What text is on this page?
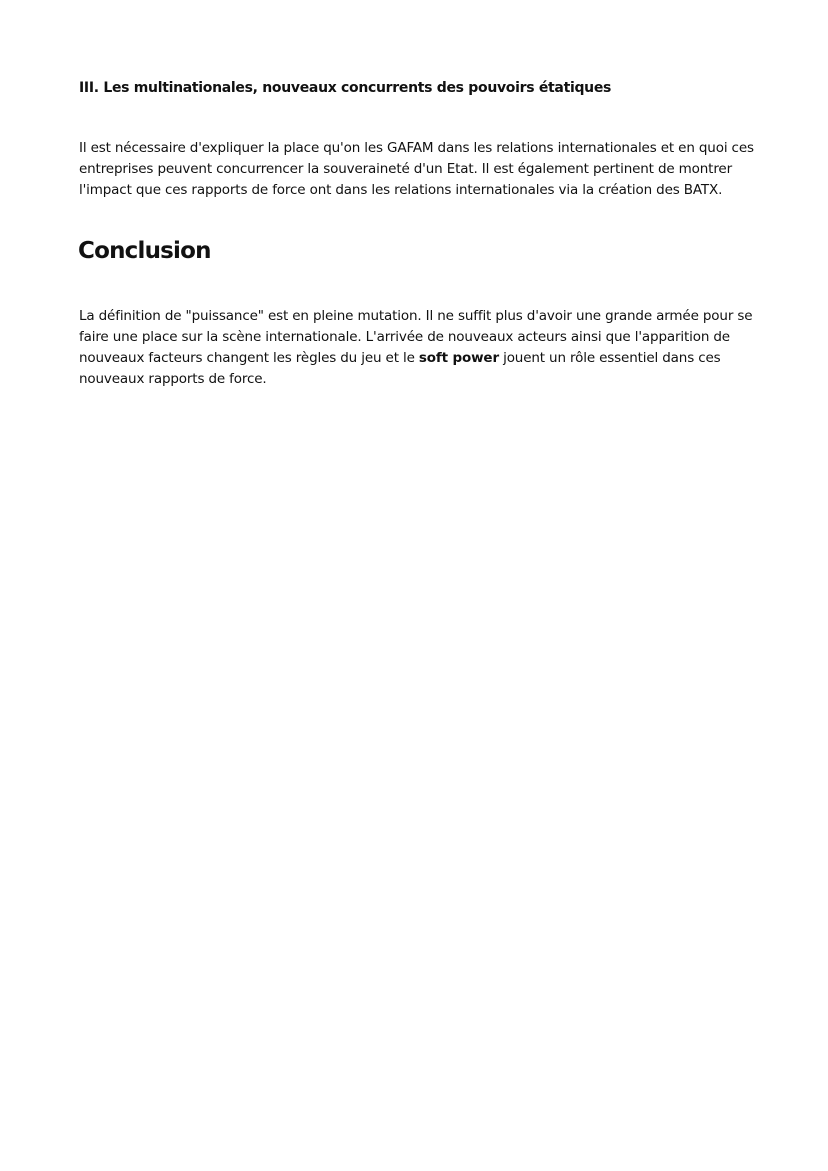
III. Les multinationales, nouveaux concurrents des pouvoirs étatiques

Il est nécessaire d'expliquer la place qu'on les GAFAM dans les relations internationales et en quoi ces
entreprises peuvent concurrencer la souveraineté d'un Etat. Il est également pertinent de montrer
l'impact que ces rapports de force ont dans les relations internationales via la création des BATX.

Conclusion

La définition de "puissance" est en pleine mutation. Il ne suffit plus d'avoir une grande armée pour se
faire une place sur la scène internationale. L'arrivée de nouveaux acteurs ainsi que l'apparition de
nouveaux facteurs changent les règles du jeu et le soft power jouent un rôle essentiel dans ces
nouveaux rapports de force.
